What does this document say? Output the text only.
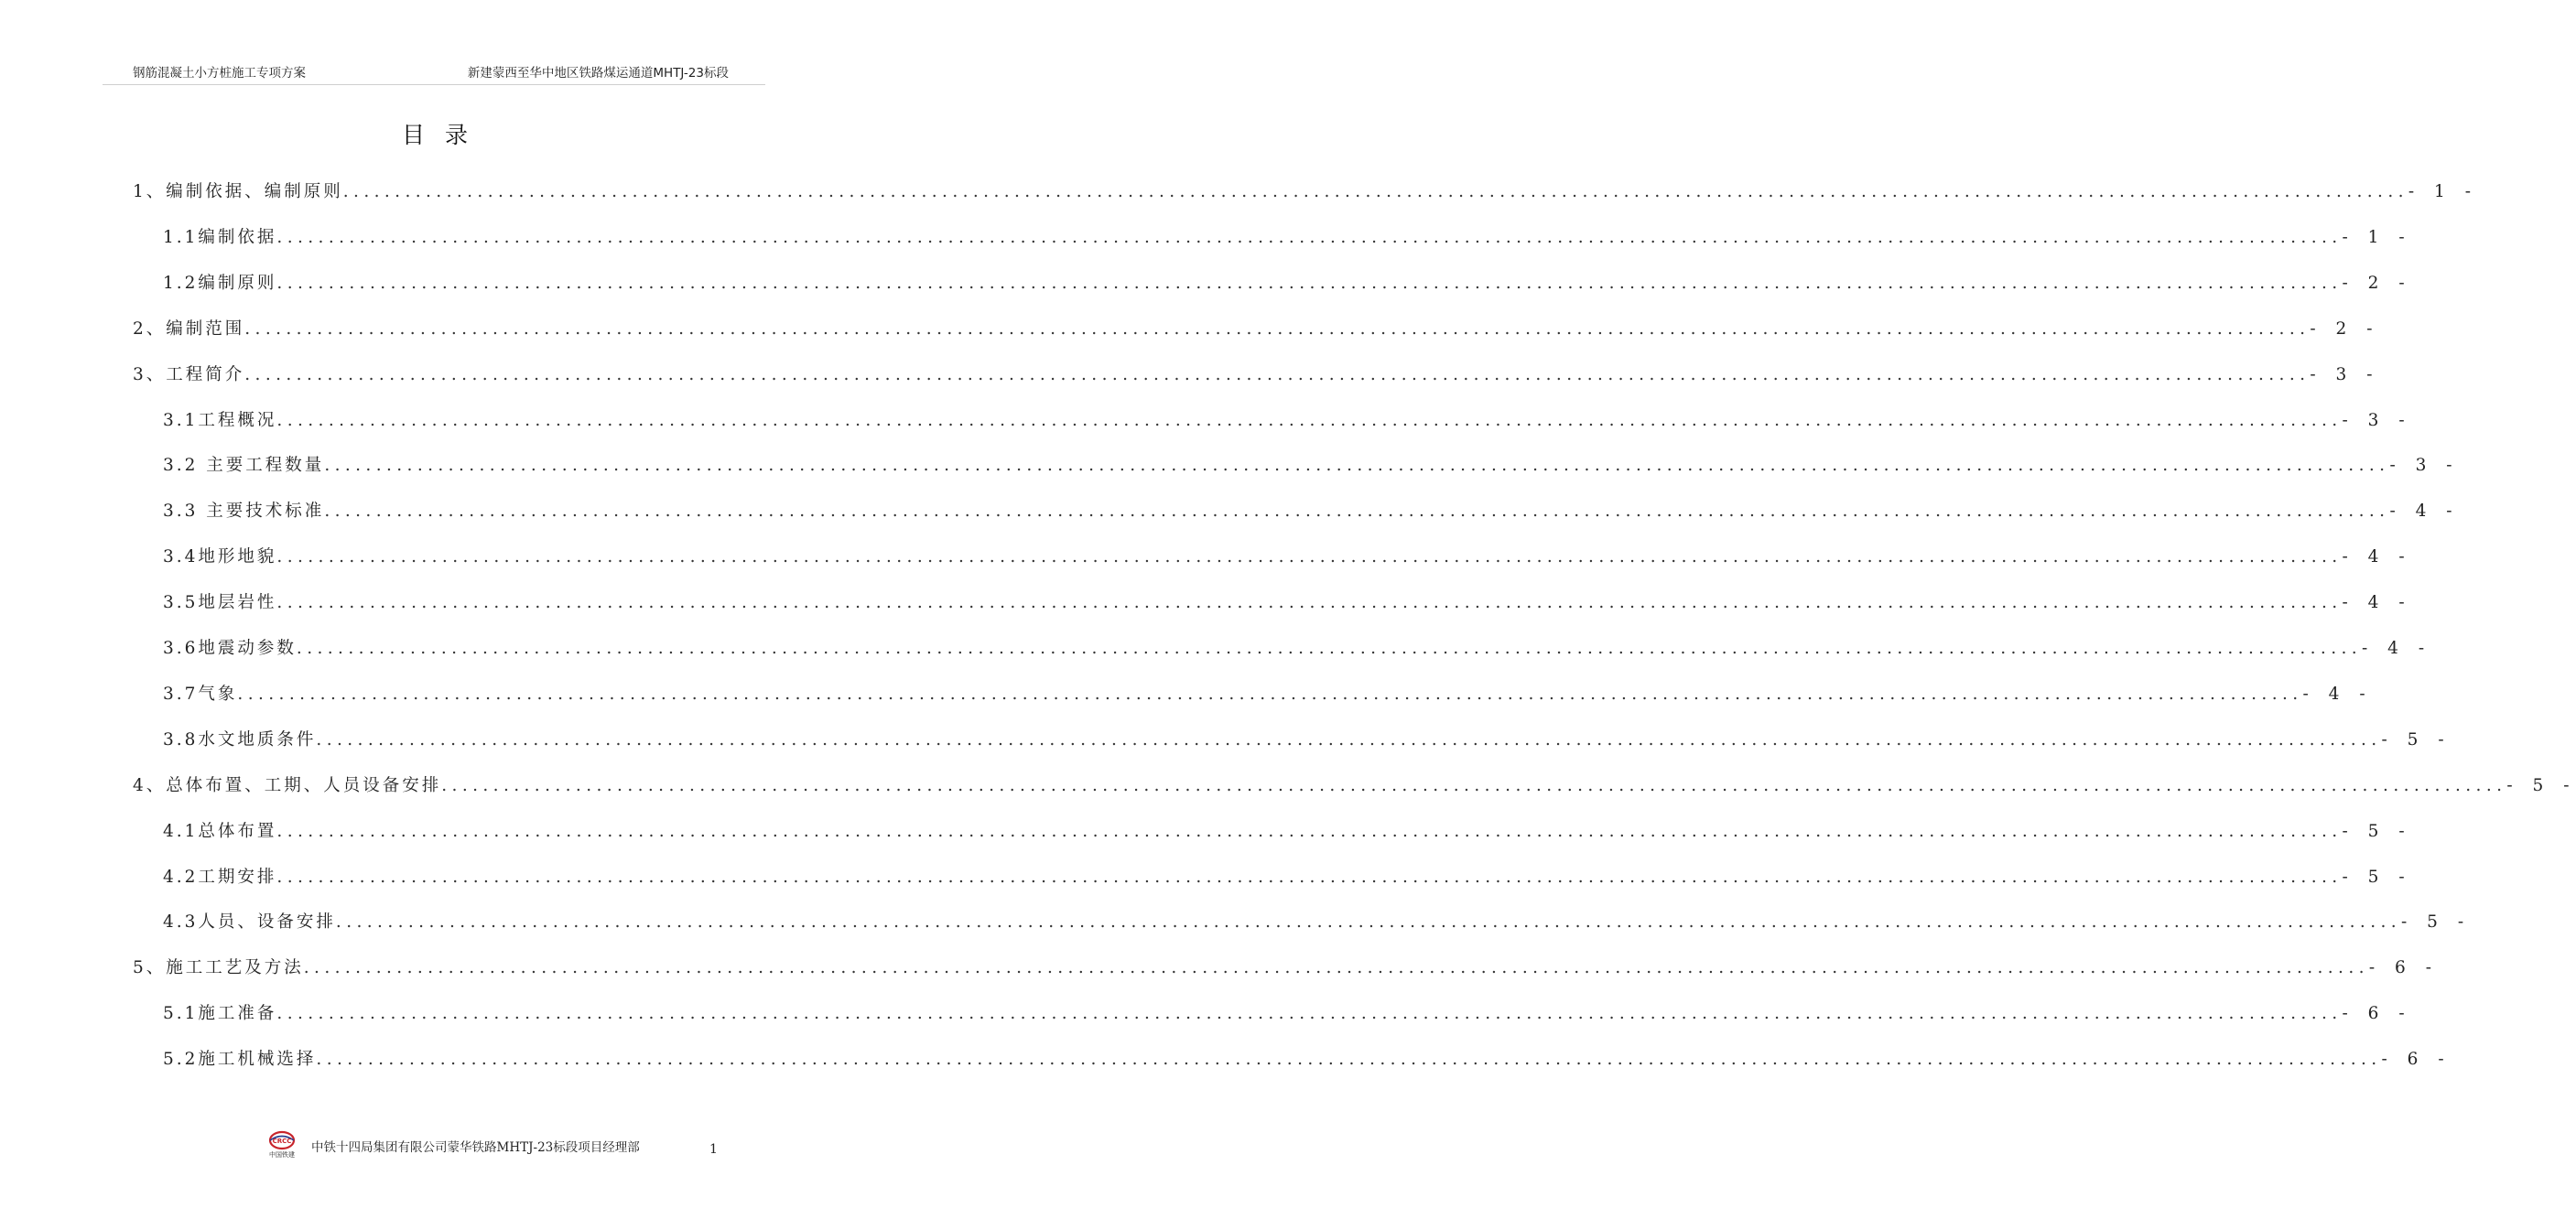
钢筋混凝土小方桩施工专项方案	新建蒙西至华中地区铁路煤运通道MHTJ-23标段
目录
1、编制依据、编制原则 ........................................................................................................................................................................................................ - 1 -
1.1编制依据 ........................................................................................................................................................................................................ - 1 -
1.2编制原则 ........................................................................................................................................................................................................ - 2 -
2、编制范围 ........................................................................................................................................................................................................ - 2 -
3、工程简介 ........................................................................................................................................................................................................ - 3 -
3.1工程概况 ........................................................................................................................................................................................................ - 3 -
3.2 主要工程数量 ........................................................................................................................................................................................................ - 3 -
3.3 主要技术标准 ........................................................................................................................................................................................................ - 4 -
3.4地形地貌 ........................................................................................................................................................................................................ - 4 -
3.5地层岩性 ........................................................................................................................................................................................................ - 4 -
3.6地震动参数 ........................................................................................................................................................................................................ - 4 -
3.7气象 ........................................................................................................................................................................................................ - 4 -
3.8水文地质条件 ........................................................................................................................................................................................................ - 5 -
4、总体布置、工期、人员设备安排 ........................................................................................................................................................................................................ - 5 -
4.1总体布置 ........................................................................................................................................................................................................ - 5 -
4.2工期安排 ........................................................................................................................................................................................................ - 5 -
4.3人员、设备安排 ........................................................................................................................................................................................................ - 5 -
5、施工工艺及方法 ........................................................................................................................................................................................................ - 6 -
5.1施工准备 ........................................................................................................................................................................................................ - 6 -
5.2施工机械选择 ........................................................................................................................................................................................................ - 6 -
CRCC
中国铁建 中铁十四局集团有限公司蒙华铁路MHTJ-23标段项目经理部	1
